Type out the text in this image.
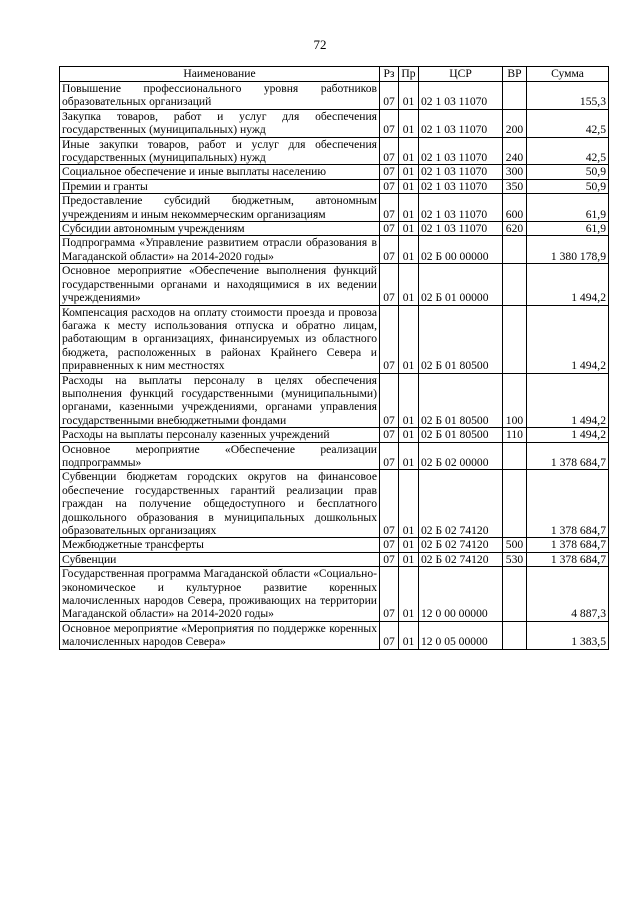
72
Наименование	Рз	Пр	ЦСР	ВР	Сумма
Повышение профессионального уровня работников образовательных организаций	07	01	02 1 03 11070		155,3
Закупка товаров, работ и услуг для обеспечения государственных (муниципальных) нужд	07	01	02 1 03 11070	200	42,5
Иные закупки товаров, работ и услуг для обеспечения государственных (муниципальных) нужд	07	01	02 1 03 11070	240	42,5
Социальное обеспечение и иные выплаты населению	07	01	02 1 03 11070	300	50,9
Премии и гранты	07	01	02 1 03 11070	350	50,9
Предоставление субсидий бюджетным, автономным учреждениям и иным некоммерческим организациям	07	01	02 1 03 11070	600	61,9
Субсидии автономным учреждениям	07	01	02 1 03 11070	620	61,9
Подпрограмма «Управление развитием отрасли образования в Магаданской области» на 2014-2020 годы»	07	01	02 Б 00 00000		1 380 178,9
Основное мероприятие «Обеспечение выполнения функций государственными органами и находящимися в их ведении учреждениями»	07	01	02 Б 01 00000		1 494,2
Компенсация расходов на оплату стоимости проезда и провоза багажа к месту использования отпуска и обратно лицам, работающим в организациях, финансируемых из областного бюджета, расположенных в районах Крайнего Севера и приравненных к ним местностях	07	01	02 Б 01 80500		1 494,2
Расходы на выплаты персоналу в целях обеспечения выполнения функций государственными (муниципальными) органами, казенными учреждениями, органами управления государственными внебюджетными фондами	07	01	02 Б 01 80500	100	1 494,2
Расходы на выплаты персоналу казенных учреждений	07	01	02 Б 01 80500	110	1 494,2
Основное мероприятие «Обеспечение реализации подпрограммы»	07	01	02 Б 02 00000		1 378 684,7
Субвенции бюджетам городских округов на финансовое обеспечение государственных гарантий реализации прав граждан на получение общедоступного и бесплатного дошкольного образования в муниципальных дошкольных образовательных организациях	07	01	02 Б 02 74120		1 378 684,7
Межбюджетные трансферты	07	01	02 Б 02 74120	500	1 378 684,7
Субвенции	07	01	02 Б 02 74120	530	1 378 684,7
Государственная программа Магаданской области «Социально-экономическое и культурное развитие коренных малочисленных народов Севера, проживающих на территории Магаданской области» на 2014-2020 годы»	07	01	12 0 00 00000		4 887,3
Основное мероприятие «Мероприятия по поддержке коренных малочисленных народов Севера»	07	01	12 0 05 00000		1 383,5
